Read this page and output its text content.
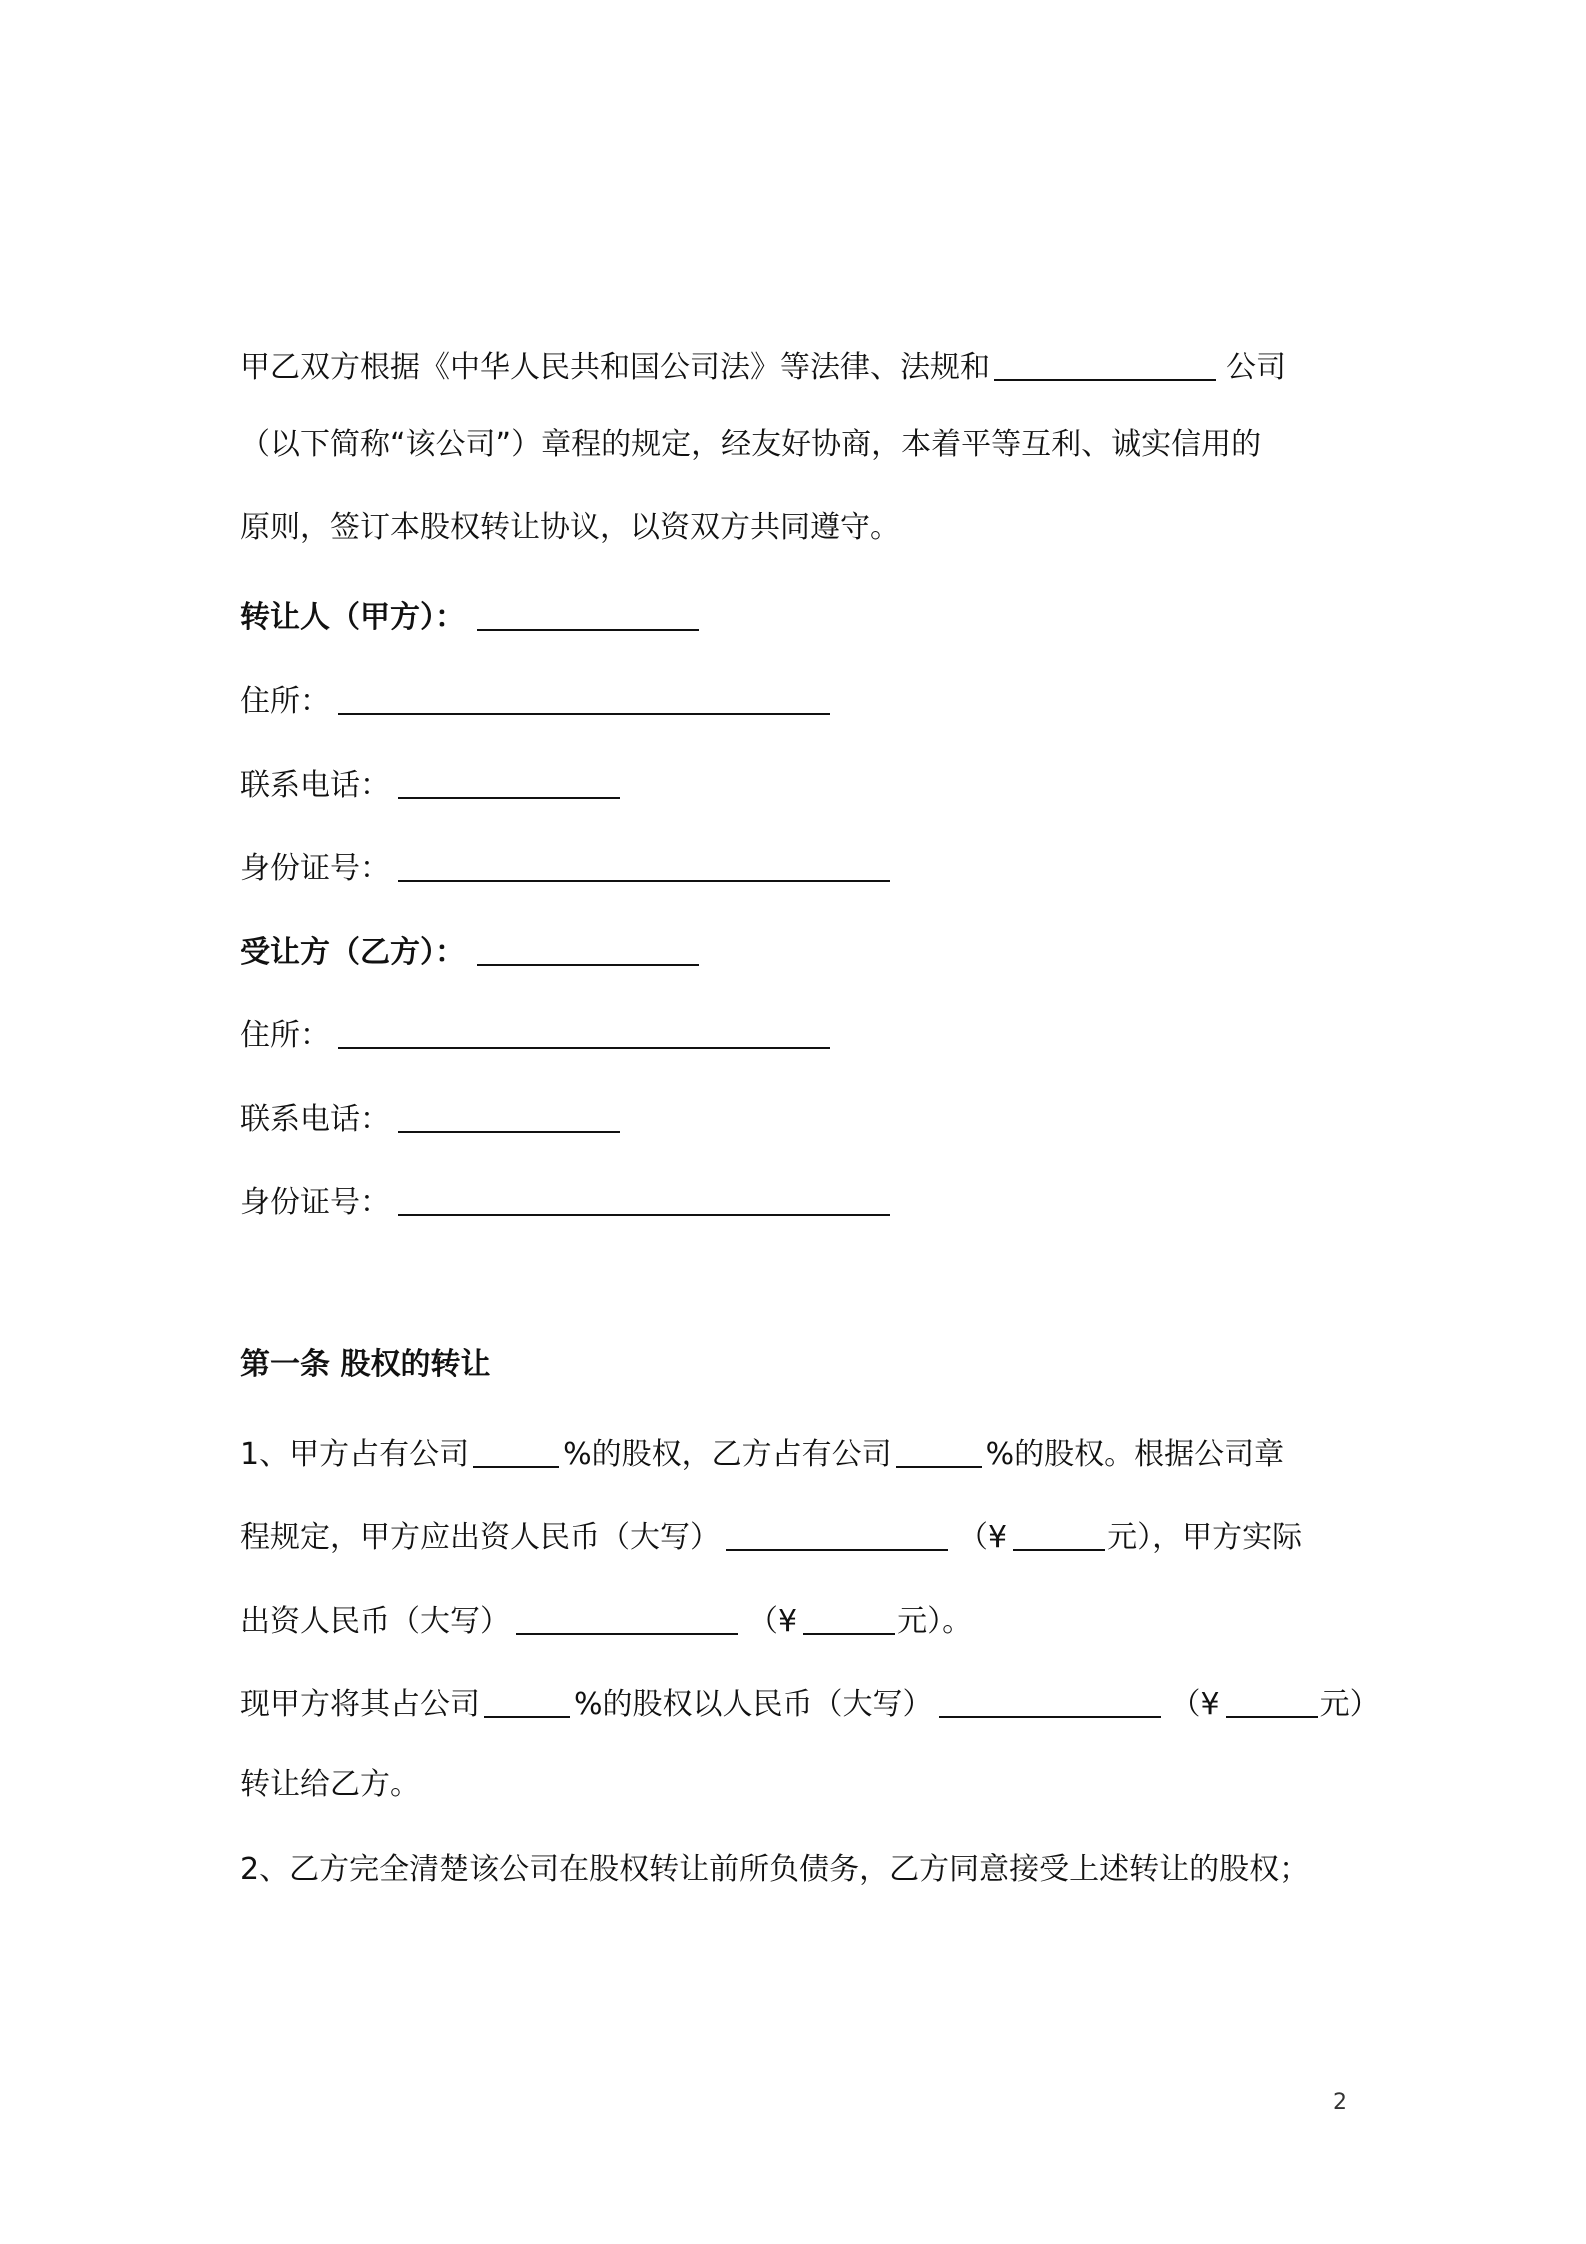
甲乙双方根据《中华人民共和国公司法》等法律、法规和	公司
（以下简称“该公司”）章程的规定，经友好协商，本着平等互利、诚实信用的
原则，签订本股权转让协议，以资双方共同遵守。
转让人（甲方）：
住所：
联系电话：
身份证号：
受让方（乙方）：
住所：
联系电话：
身份证号：
第一条 股权的转让
1、甲方占有公司	%的股权，乙方占有公司	%的股权。根据公司章
程规定，甲方应出资人民币（大写）	（¥	元），甲方实际
出资人民币（大写）	（¥	元）。
现甲方将其占公司	%的股权以人民币（大写）	（¥	元）
转让给乙方。
2、乙方完全清楚该公司在股权转让前所负债务，乙方同意接受上述转让的股权；
2
